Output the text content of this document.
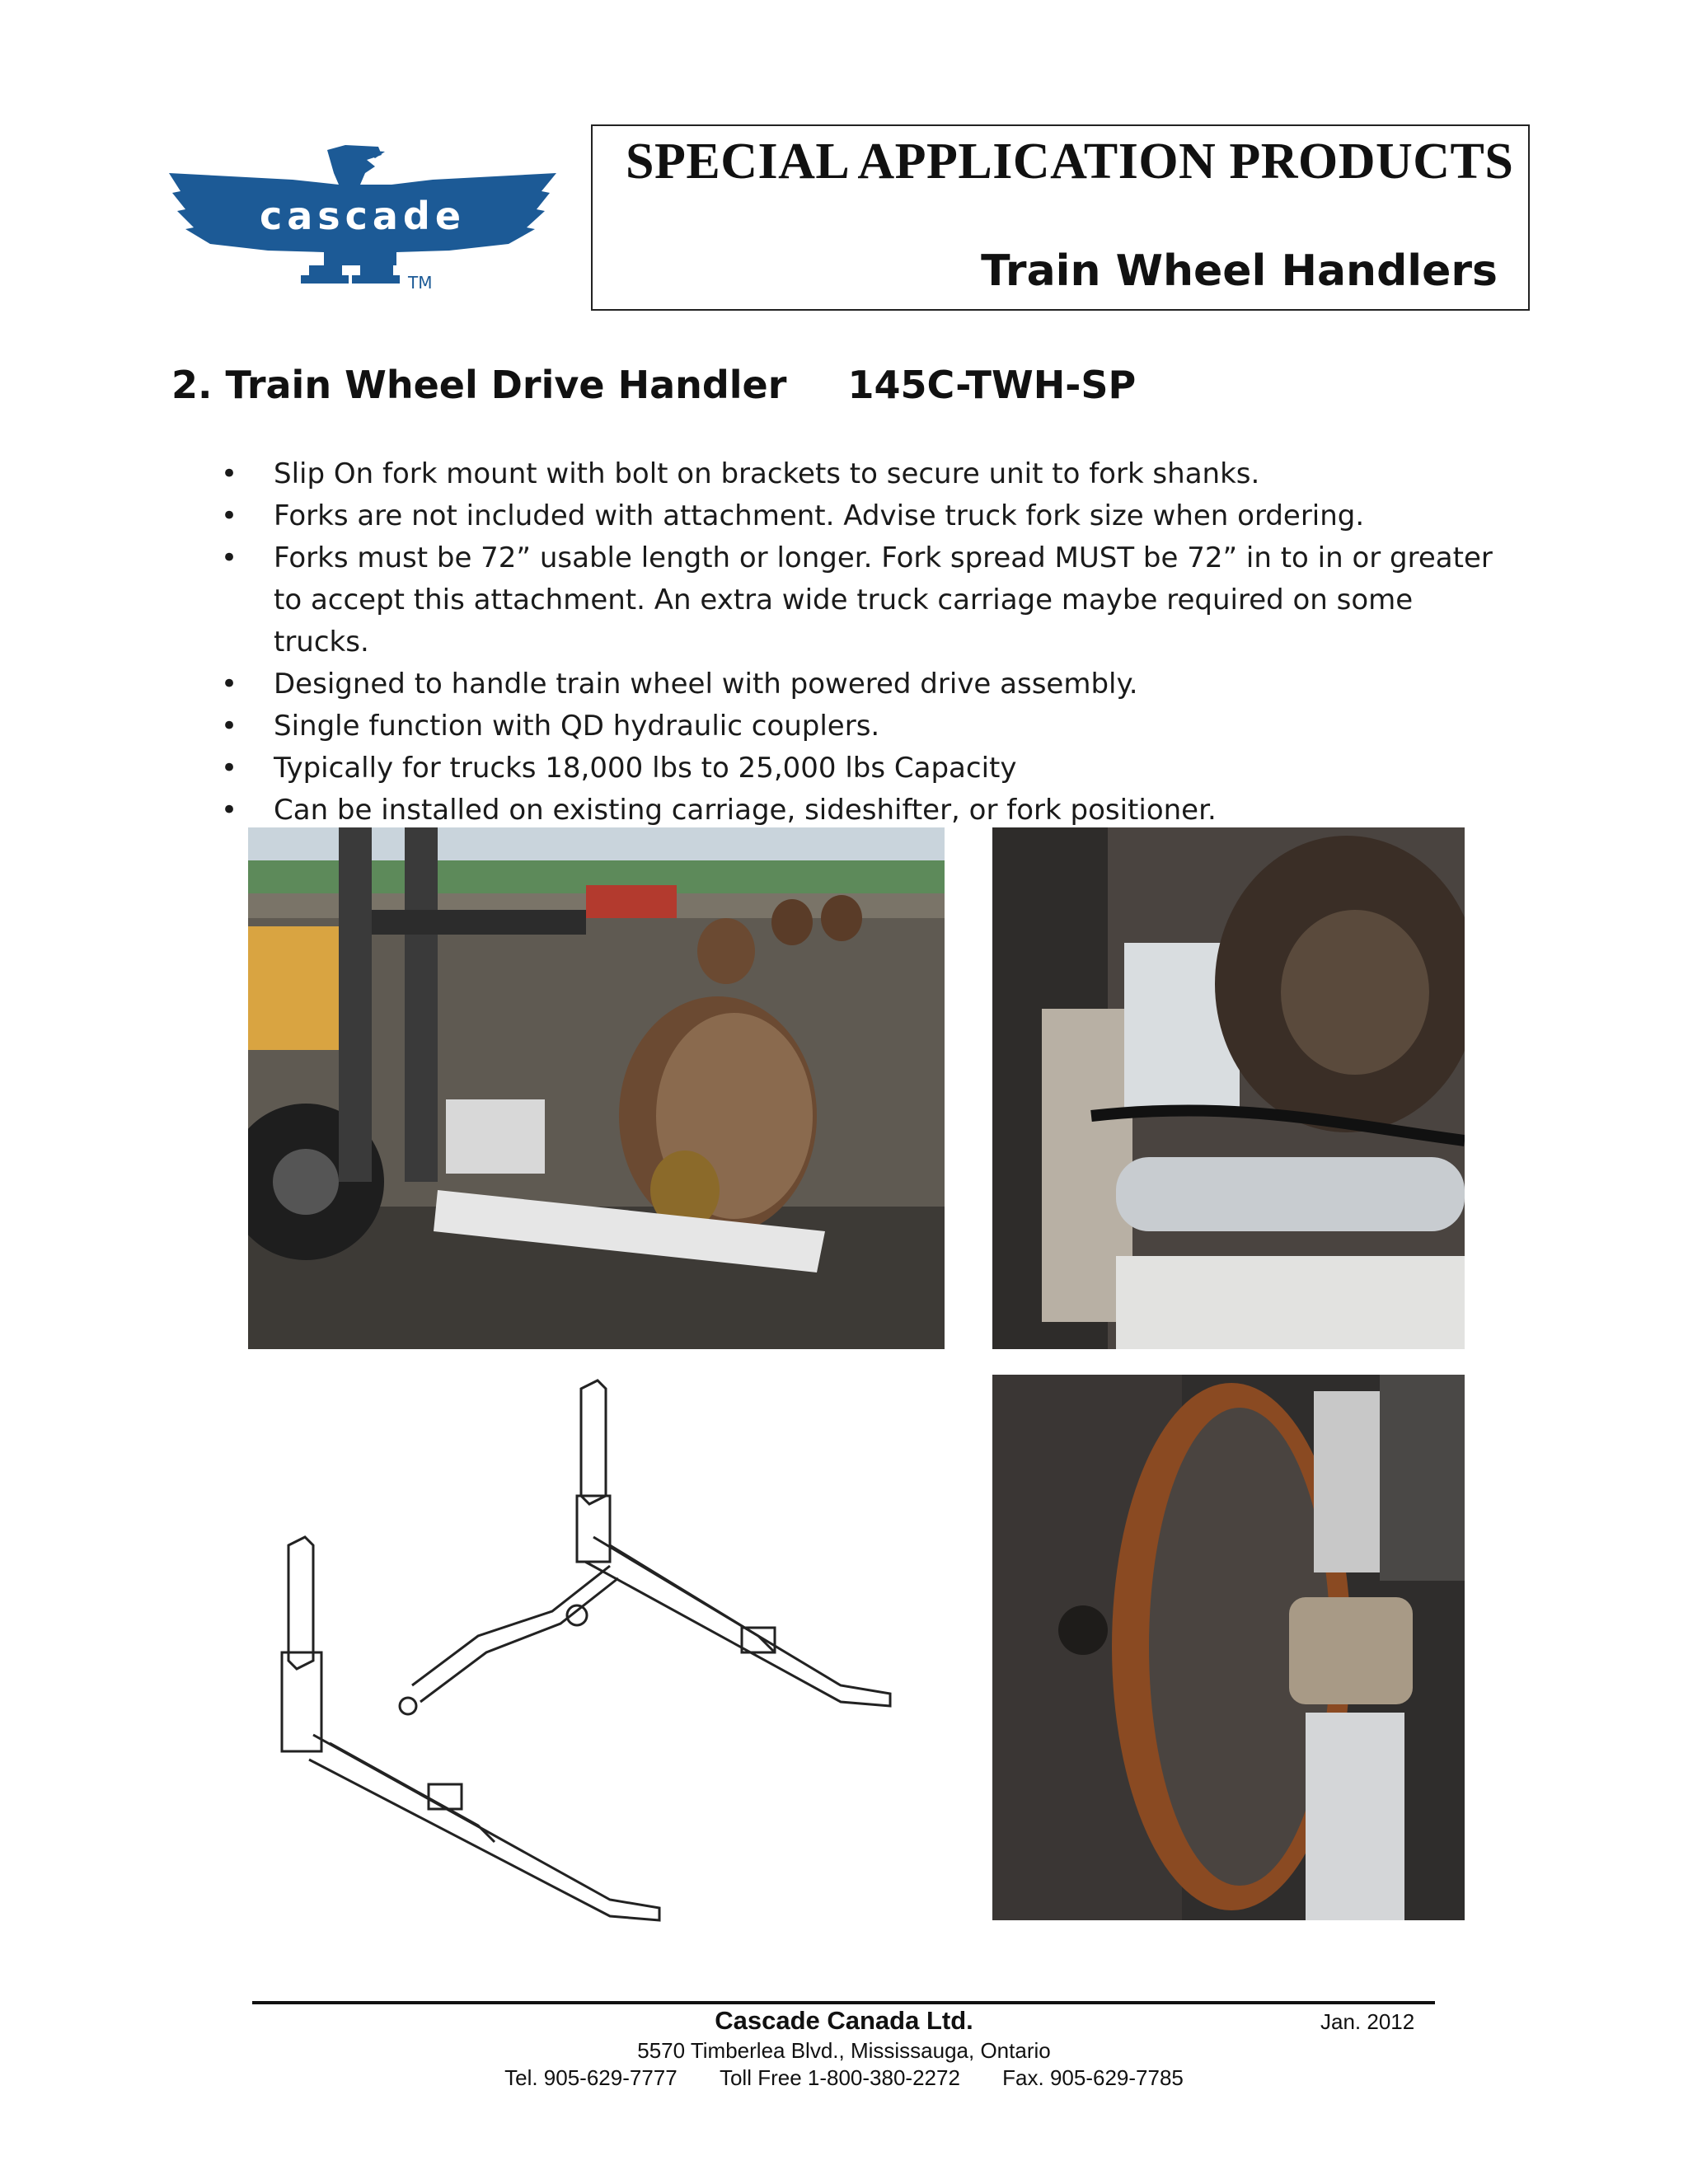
cascade
TM
SPECIAL APPLICATION PRODUCTS
Train Wheel Handlers
2. Train Wheel Drive Handler 145C-TWH-SP
• Slip On fork mount with bolt on brackets to secure unit to fork shanks.
• Forks are not included with attachment. Advise truck fork size when ordering.
• Forks must be 72” usable length or longer. Fork spread MUST be 72” in to in or greater to accept this attachment. An extra wide truck carriage maybe required on some trucks.
• Designed to handle train wheel with powered drive assembly.
• Single function with QD hydraulic couplers.
• Typically for trucks 18,000 lbs to 25,000 lbs Capacity
• Can be installed on existing carriage, sideshifter, or fork positioner.
Cascade Canada Ltd.	Jan. 2012
5570 Timberlea Blvd., Mississauga, Ontario
Tel. 905-629-7777 Toll Free 1-800-380-2272 Fax. 905-629-7785
